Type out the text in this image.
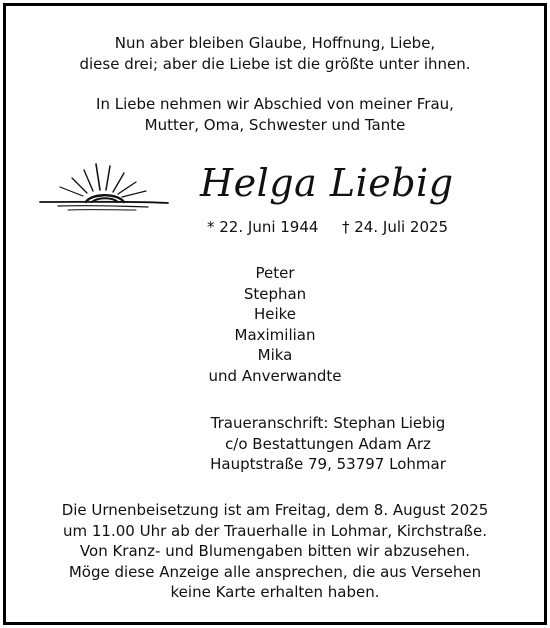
Nun aber bleiben Glaube, Hoffnung, Liebe,
diese drei; aber die Liebe ist die größte unter ihnen.
In Liebe nehmen wir Abschied von meiner Frau,
Mutter, Oma, Schwester und Tante
Helga Liebig
* 22. Juni 1944 † 24. Juli 2025
Peter
Stephan
Heike
Maximilian
Mika
und Anverwandte
Traueranschrift: Stephan Liebig
c/o Bestattungen Adam Arz
Hauptstraße 79, 53797 Lohmar
Die Urnenbeisetzung ist am Freitag, dem 8. August 2025
um 11.00 Uhr ab der Trauerhalle in Lohmar, Kirchstraße.
Von Kranz- und Blumengaben bitten wir abzusehen.
Möge diese Anzeige alle ansprechen, die aus Versehen
keine Karte erhalten haben.
